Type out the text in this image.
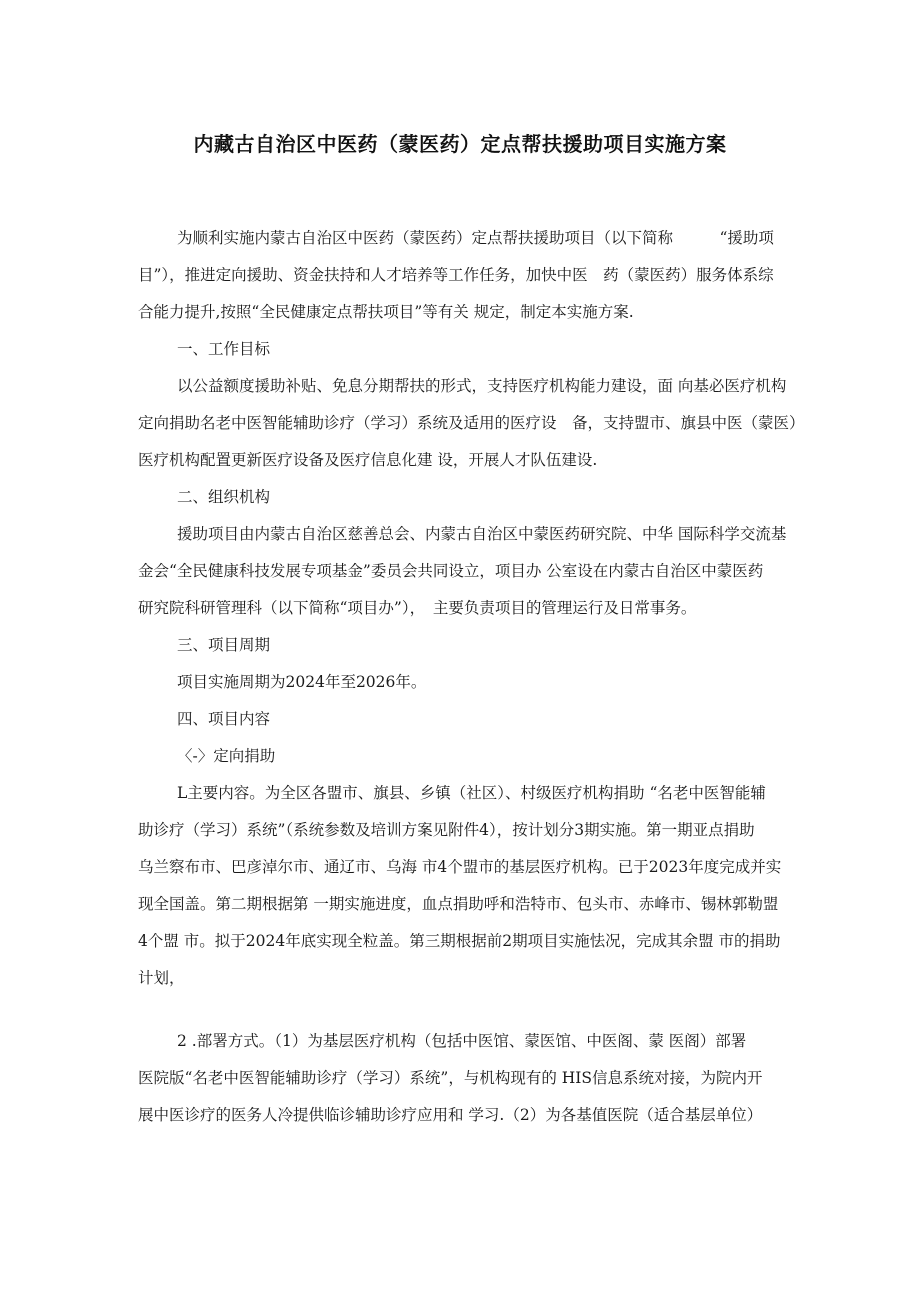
内藏古自治区中医药（蒙医药）定点帮扶援助项目实施方案
为顺利实施内蒙古自治区中医药（蒙医药）定点帮扶援助项目（以下简称　　　“援助项
目”），推进定向援助、资金扶持和人才培养等工作任务，加快中医　药（蒙医药）服务体系综
合能力提升,按照“全民健康定点帮扶项目”等有关 规定，制定本实施方案.
一、工作目标
以公益额度援助补贴、免息分期帮扶的形式，支持医疗机构能力建设，面 向基必医疗机构
定向捐助名老中医智能辅助诊疗（学习）系统及适用的医疗设　备，支持盟市、旗县中医（蒙医）
医疗机构配置更新医疗设备及医疗信息化建 设，开展人才队伍建设.
二、组织机构
援助项目由内蒙古自治区慈善总会、内蒙古自治区中蒙医药研究院、中华 国际科学交流基
金会“全民健康科技发展专项基金”委员会共同设立，项目办 公室设在内蒙古自治区中蒙医药
研究院科研管理科（以下简称“项目办”），　主要负责项目的管理运行及日常事务。
三、项目周期
项目实施周期为2024年至2026年。
四、项目内容
〈-〉定向捐助
L主要内容。为全区各盟市、旗县、乡镇（社区）、村级医疗机构捐助 “名老中医智能辅
助诊疗（学习）系统”（系统参数及培训方案见附件4），按计划分3期实施。第一期亚点捐助
乌兰察布市、巴彦淖尔市、通辽市、乌海 市4个盟市的基层医疗机构。已于2023年度完成并实
现全国盖。第二期根据第 一期实施进度，血点捐助呼和浩特市、包头市、赤峰市、锡林郭勒盟
4个盟 市。拟于2024年底实现全粒盖。第三期根据前2期项目实施怯况，完成其余盟 市的捐助
计划，
2 .部署方式。（1）为基层医疗机构（包括中医馆、蒙医馆、中医阁、蒙 医阁）部署
医院版“名老中医智能辅助诊疗（学习）系统”，与机构现有的 HIS信息系统对接，为院内开
展中医诊疗的医务人冷提供临诊辅助诊疗应用和 学习.（2）为各基值医院（适合基层单位）
